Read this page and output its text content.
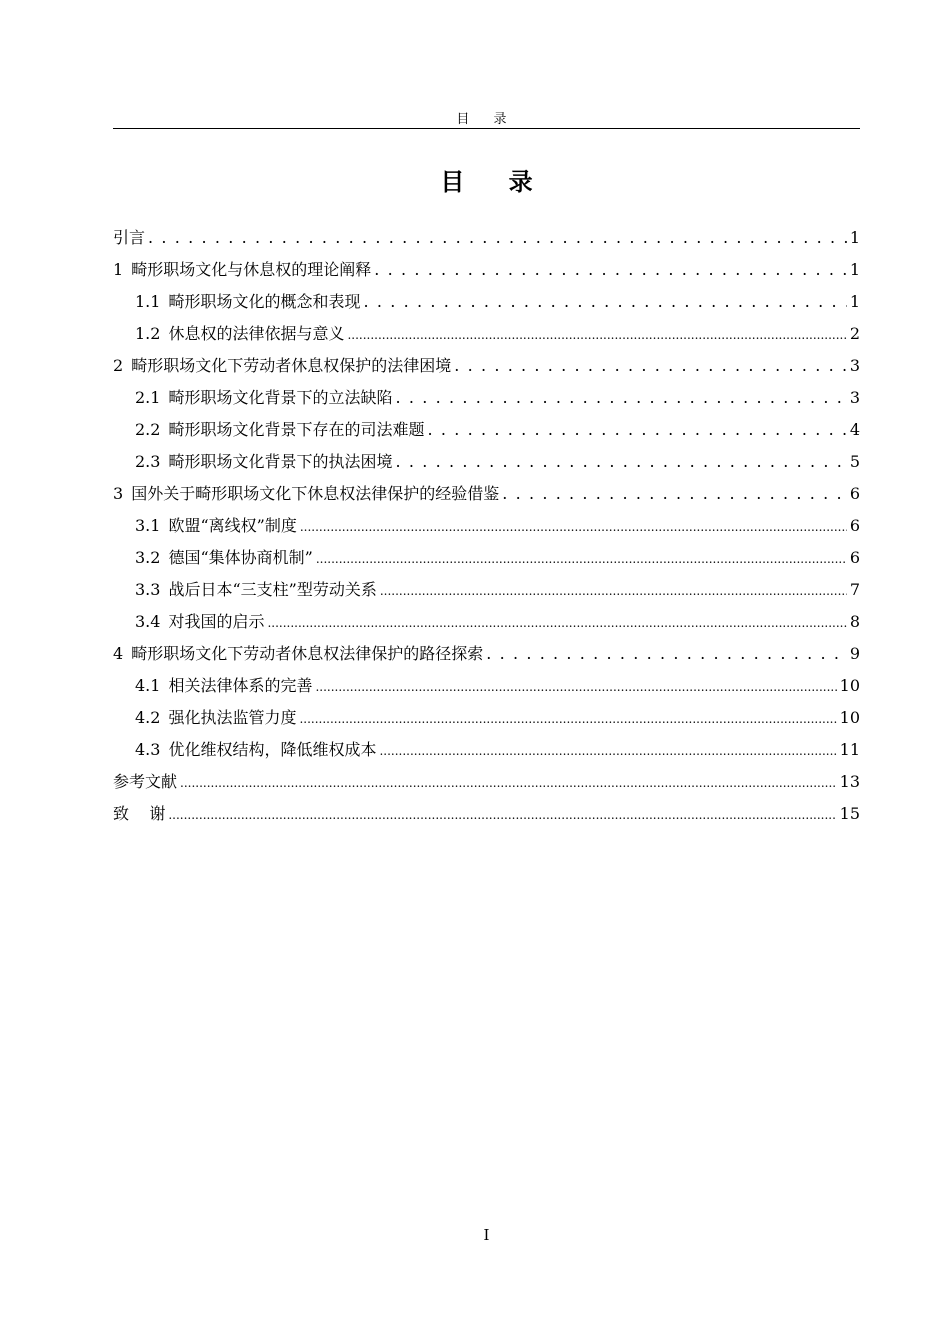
目 录
目 录
引言 . . .	1
1 畸形职场文化与休息权的理论阐释 . . .	1
1.1 畸形职场文化的概念和表现 . . .	1
1.2 休息权的法律依据与意义 .....	2
2 畸形职场文化下劳动者休息权保护的法律困境 . . .	3
2.1 畸形职场文化背景下的立法缺陷 . . .	3
2.2 畸形职场文化背景下存在的司法难题 . . .	4
2.3 畸形职场文化背景下的执法困境 . . .	5
3 国外关于畸形职场文化下休息权法律保护的经验借鉴 . . .	6
3.1 欧盟“离线权”制度 .....	6
3.2 德国“集体协商机制” .....	6
3.3 战后日本“三支柱”型劳动关系 .....	7
3.4 对我国的启示 .....	8
4 畸形职场文化下劳动者休息权法律保护的路径探索 . . .	9
4.1 相关法律体系的完善 .....	10
4.2 强化执法监管力度 .....	10
4.3 优化维权结构，降低维权成本 .....	11
参考文献 .....	13
致    谢 .....	15
I
